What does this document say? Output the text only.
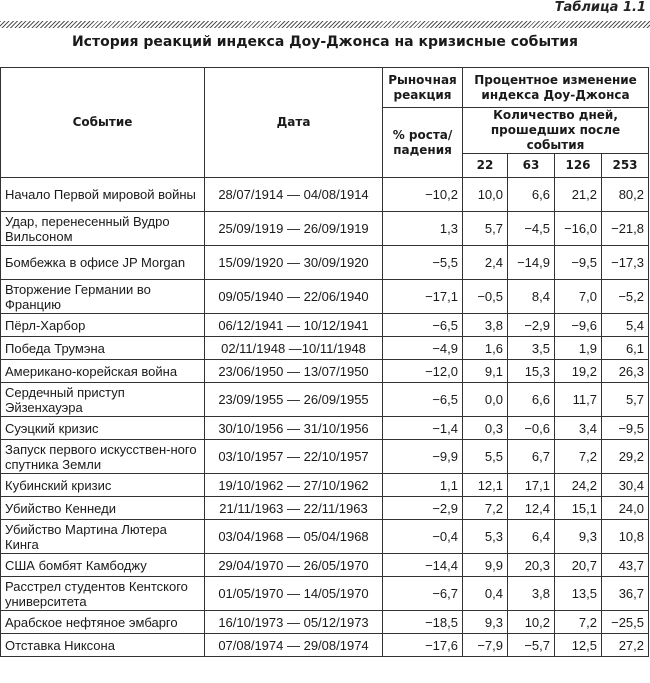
Таблица 1.1
История реакций индекса Доу-Джонса на кризисные события
Событие	Дата	Рыночная реакция	Процентное изменение индекса Доу-Джонса			
		% роста/ падения	Количество дней, прошедших после события			
			22	63	126	253
Начало Первой мировой войны	28/07/1914 — 04/08/1914	−10,2	10,0	6,6	21,2	80,2
Удар, перенесенный Вудро Вильсоном	25/09/1919 — 26/09/1919	1,3	5,7	−4,5	−16,0	−21,8
Бомбежка в офисе JP Morgan	15/09/1920 — 30/09/1920	−5,5	2,4	−14,9	−9,5	−17,3
Вторжение Германии во Францию	09/05/1940 — 22/06/1940	−17,1	−0,5	8,4	7,0	−5,2
Пёрл-Харбор	06/12/1941 — 10/12/1941	−6,5	3,8	−2,9	−9,6	5,4
Победа Трумэна	02/11/1948 —10/11/1948	−4,9	1,6	3,5	1,9	6,1
Американо-корейская война	23/06/1950 — 13/07/1950	−12,0	9,1	15,3	19,2	26,3
Сердечный приступ Эйзенхауэра	23/09/1955 — 26/09/1955	−6,5	0,0	6,6	11,7	5,7
Суэцкий кризис	30/10/1956 — 31/10/1956	−1,4	0,3	−0,6	3,4	−9,5
Запуск первого искусствен-ного спутника Земли	03/10/1957 — 22/10/1957	−9,9	5,5	6,7	7,2	29,2
Кубинский кризис	19/10/1962 — 27/10/1962	1,1	12,1	17,1	24,2	30,4
Убийство Кеннеди	21/11/1963 — 22/11/1963	−2,9	7,2	12,4	15,1	24,0
Убийство Мартина Лютера Кинга	03/04/1968 — 05/04/1968	−0,4	5,3	6,4	9,3	10,8
США бомбят Камбоджу	29/04/1970 — 26/05/1970	−14,4	9,9	20,3	20,7	43,7
Расстрел студентов Кентского университета	01/05/1970 — 14/05/1970	−6,7	0,4	3,8	13,5	36,7
Арабское нефтяное эмбарго	16/10/1973 — 05/12/1973	−18,5	9,3	10,2	7,2	−25,5
Отставка Никсона	07/08/1974 — 29/08/1974	−17,6	−7,9	−5,7	12,5	27,2
